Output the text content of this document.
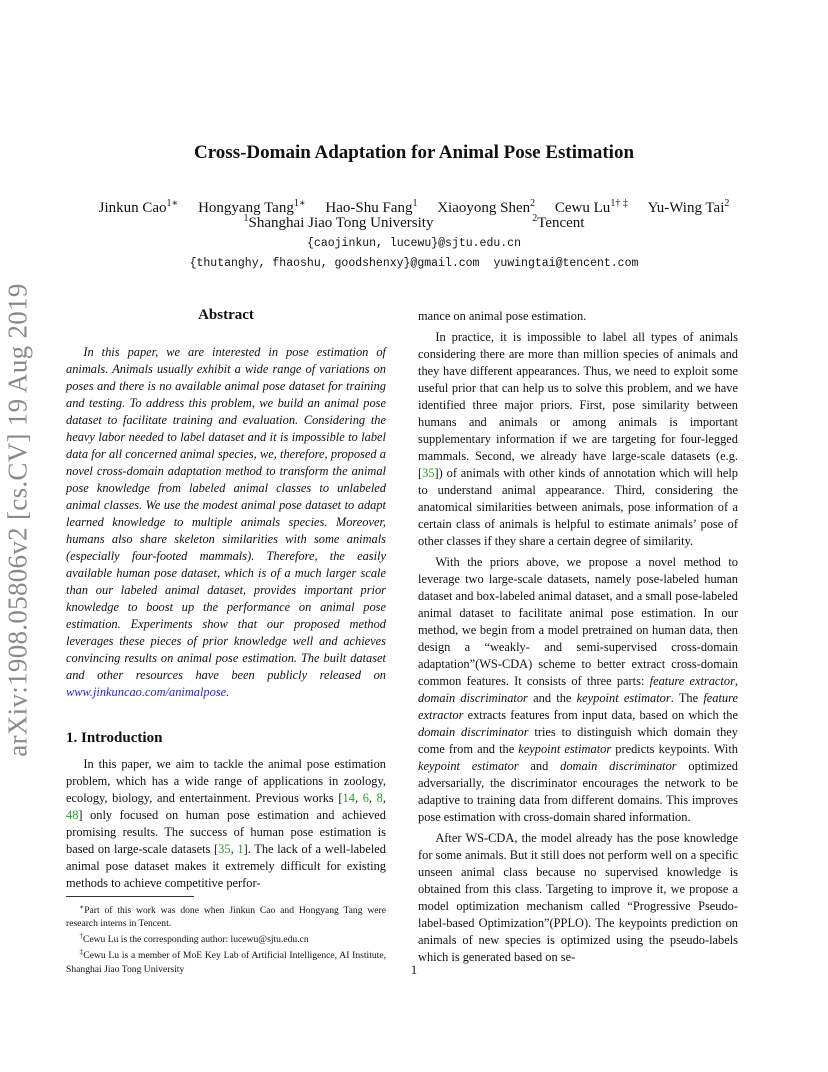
arXiv:1908.05806v2 [cs.CV] 19 Aug 2019
Cross-Domain Adaptation for Animal Pose Estimation
Jinkun Cao$^{1∗}$ Hongyang Tang$^{1∗}$ Hao-Shu Fang$^1$ Xiaoyong Shen$^2$ Cewu $Lu^{1\dagger \ddagger}$ Yu-Wing Tai$^2$
$^1$Shanghai Jiao Tong University	$^2$Tencent
{caojinkun, lucewu}@sjtu.edu.cn
{thutanghy, fhaoshu, goodshenxy}@gmail.com yuwingtai@tencent.com
Abstract

In this paper, we are interested in pose estimation of animals. Animals usually exhibit a wide range of variations on poses and there is no available animal pose dataset for training and testing. To address this problem, we build an animal pose dataset to facilitate training and evaluation. Considering the heavy labor needed to label dataset and it is impossible to label data for all concerned animal species, we, therefore, proposed a novel cross-domain adaptation method to transform the animal pose knowledge from labeled animal classes to unlabeled animal classes. We use the modest animal pose dataset to adapt learned knowledge to multiple animals species. Moreover, humans also share skeleton similarities with some animals (especially four-footed mammals). Therefore, the easily available human pose dataset, which is of a much larger scale than our labeled animal dataset, provides important prior knowledge to boost up the performance on animal pose estimation. Experiments show that our proposed method leverages these pieces of prior knowledge well and achieves convincing results on animal pose estimation. The built dataset and other resources have been publicly released on www.jinkuncao.com/animalpose.

1. Introduction

In this paper, we aim to tackle the animal pose estimation problem, which has a wide range of applications in zoology, ecology, biology, and entertainment. Previous works [14, 6, 8, 48] only focused on human pose estimation and achieved promising results. The success of human pose estimation is based on large-scale datasets [35, 1]. The lack of a well-labeled animal pose dataset makes it extremely difficult for existing methods to achieve competitive perfor-

∗Part of this work was done when Jinkun Cao and Hongyang Tang were research interns in Tencent.

†Cewu Lu is the corresponding author: lucewu@sjtu.edu.cn

‡Cewu Lu is a member of MoE Key Lab of Artificial Intelligence, AI Institute, Shanghai Jiao Tong University

mance on animal pose estimation.

In practice, it is impossible to label all types of animals considering there are more than million species of animals and they have different appearances. Thus, we need to exploit some useful prior that can help us to solve this problem, and we have identified three major priors. First, pose similarity between humans and animals or among animals is important supplementary information if we are targeting for four-legged mammals. Second, we already have large-scale datasets (e.g. [35]) of animals with other kinds of annotation which will help to understand animal appearance. Third, considering the anatomical similarities between animals, pose information of a certain class of animals is helpful to estimate animals’ pose of other classes if they share a certain degree of similarity.

With the priors above, we propose a novel method to leverage two large-scale datasets, namely pose-labeled human dataset and box-labeled animal dataset, and a small pose-labeled animal dataset to facilitate animal pose estimation. In our method, we begin from a model pretrained on human data, then design a “weakly- and semi-supervised cross-domain adaptation”(WS-CDA) scheme to better extract cross-domain common features. It consists of three parts: feature extractor, domain discriminator and the keypoint estimator. The feature extractor extracts features from input data, based on which the domain discriminator tries to distinguish which domain they come from and the keypoint estimator predicts keypoints. With keypoint estimator and domain discriminator optimized adversarially, the discriminator encourages the network to be adaptive to training data from different domains. This improves pose estimation with cross-domain shared information.

After WS-CDA, the model already has the pose knowledge for some animals. But it still does not perform well on a specific unseen animal class because no supervised knowledge is obtained from this class. Targeting to improve it, we propose a model optimization mechanism called “Progressive Pseudo-label-based Optimization”(PPLO). The keypoints prediction on animals of new species is optimized using the pseudo-labels which is generated based on se-

1
